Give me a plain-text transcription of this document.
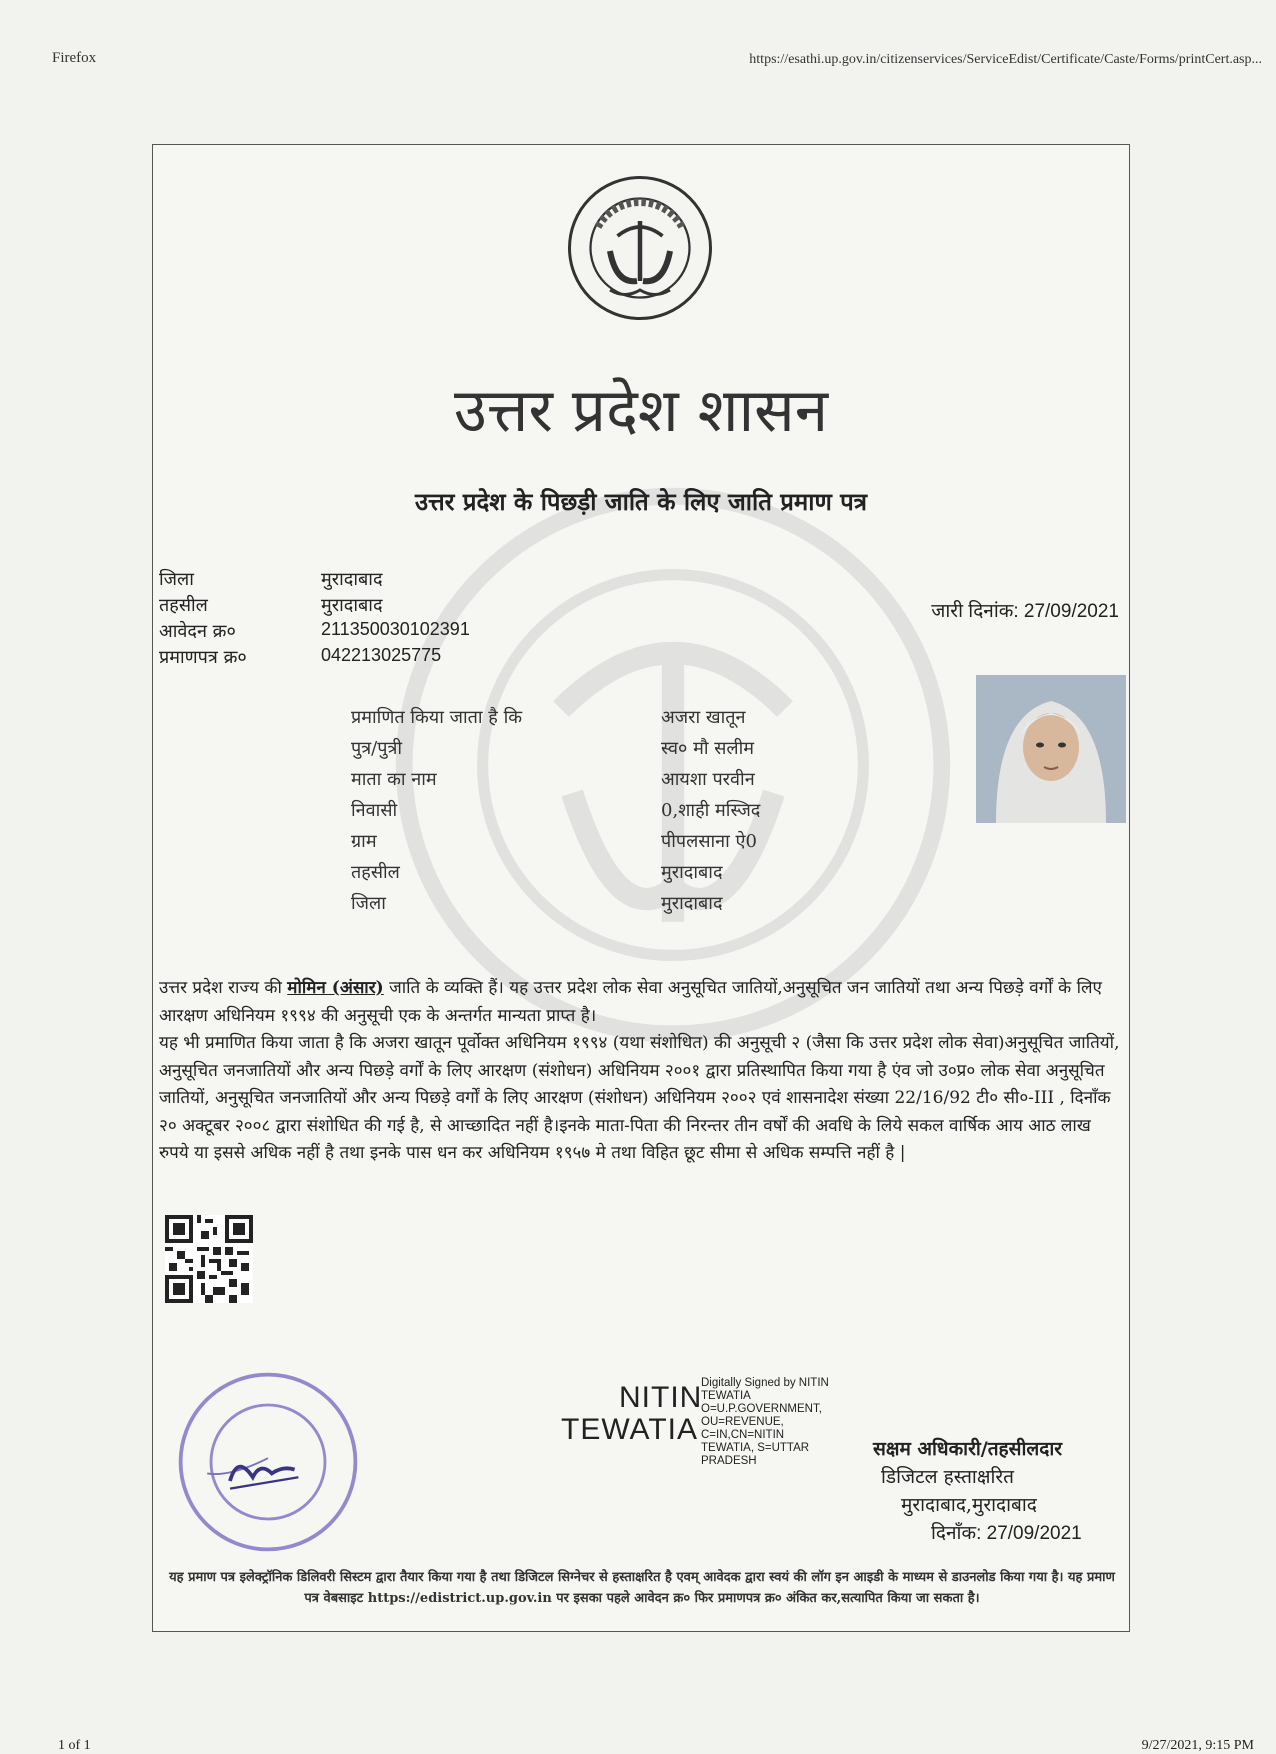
Firefox	https://esathi.up.gov.in/citizenservices/ServiceEdist/Certificate/Caste/Forms/printCert.asp...
उत्तर प्रदेश शासन
उत्तर प्रदेश के पिछड़ी जाति के लिए जाति प्रमाण पत्र
जिला	मुरादाबाद
तहसील	मुरादाबाद
आवेदन क्र०	211350030102391
प्रमाणपत्र क्र०	042213025775
जारी दिनांक: 27/09/2021
प्रमाणित किया जाता है कि	अजरा खातून
पुत्र/पुत्री	स्व० मौ सलीम
माता का नाम	आयशा परवीन
निवासी	0,शाही मस्जिद
ग्राम	पीपलसाना ऐ0
तहसील	मुरादाबाद
जिला	मुरादाबाद
उत्तर प्रदेश राज्य की मोमिन (अंसार) जाति के व्यक्ति हैं। यह उत्तर प्रदेश लोक सेवा अनुसूचित जातियों,अनुसूचित जन जातियों तथा अन्य पिछड़े वर्गों के लिए आरक्षण अधिनियम १९९४ की अनुसूची एक के अन्तर्गत मान्यता प्राप्त है।
यह भी प्रमाणित किया जाता है कि अजरा खातून पूर्वोक्त अधिनियम १९९४ (यथा संशोधित) की अनुसूची २ (जैसा कि उत्तर प्रदेश लोक सेवा)अनुसूचित जातियों, अनुसूचित जनजातियों और अन्य पिछड़े वर्गों के लिए आरक्षण (संशोधन) अधिनियम २००१ द्वारा प्रतिस्थापित किया गया है एंव जो उ०प्र० लोक सेवा अनुसूचित जातियों, अनुसूचित जनजातियों और अन्य पिछड़े वर्गों के लिए आरक्षण (संशोधन) अधिनियम २००२ एवं शासनादेश संख्या 22/16/92 टी० सी०-III , दिनाँक २० अक्टूबर २००८ द्वारा संशोधित की गई है, से आच्छादित नहीं है।इनके माता-पिता की निरन्तर तीन वर्षों की अवधि के लिये सकल वार्षिक आय आठ लाख रुपये या इससे अधिक नहीं है तथा इनके पास धन कर अधिनियम १९५७ मे तथा विहित छूट सीमा से अधिक सम्पत्ति नहीं है |
NITIN
TEWATIA
Digitally Signed by NITIN
TEWATIA
O=U.P.GOVERNMENT,
OU=REVENUE,
C=IN,CN=NITIN
TEWATIA, S=UTTAR
PRADESH
सक्षम अधिकारी/तहसीलदार
डिजिटल हस्ताक्षरित
मुरादाबाद,मुरादाबाद
दिनाँक: 27/09/2021
यह प्रमाण पत्र इलेक्ट्रॉनिक डिलिवरी सिस्टम द्वारा तैयार किया गया है तथा डिजिटल सिग्नेचर से हस्ताक्षरित है एवम् आवेदक द्वारा स्वयं की लॉग इन आइडी के माध्यम से डाउनलोड किया गया है। यह प्रमाण पत्र वेबसाइट https://edistrict.up.gov.in पर इसका पहले आवेदन क्र० फिर प्रमाणपत्र क्र० अंकित कर,सत्यापित किया जा सकता है।
1 of 1	9/27/2021, 9:15 PM
